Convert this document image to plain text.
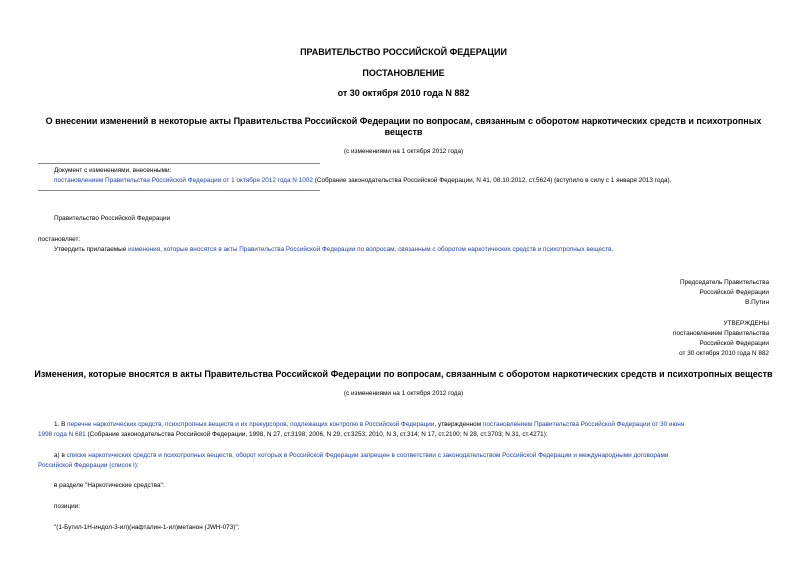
ПРАВИТЕЛЬСТВО РОССИЙСКОЙ ФЕДЕРАЦИИ
ПОСТАНОВЛЕНИЕ
от 30 октября 2010 года N 882
О внесении изменений в некоторые акты Правительства Российской Федерации по вопросам, связанным с оборотом наркотических средств и психотропных
веществ
(с изменениями на 1 октября 2012 года)
Документ с изменениями, внесенными:
постановлением Правительства Российской Федерации от 1 октября 2012 года N 1002 (Собрание законодательства Российской Федерации, N 41, 08.10.2012, ст.5624) (вступило в силу с 1 января 2013 года).
Правительство Российской Федерации
постановляет:
Утвердить прилагаемые изменения, которые вносятся в акты Правительства Российской Федерации по вопросам, связанным с оборотом наркотических средств и психотропных веществ.
Председатель Правительства
Российской Федерации
В.Путин
УТВЕРЖДЕНЫ
постановлением Правительства
Российской Федерации
от 30 октября 2010 года N 882
Изменения, которые вносятся в акты Правительства Российской Федерации по вопросам, связанным с оборотом наркотических средств и психотропных веществ
(с изменениями на 1 октября 2012 года)
1. В перечне наркотических средств, психотропных веществ и их прекурсоров, подлежащих контролю в Российской Федерации, утвержденном постановлением Правительства Российской Федерации от 30 июня
1998 года N 681 (Собрание законодательства Российской Федерации, 1998, N 27, ст.3198; 2006, N 29, ст.3253; 2010, N 3, ст.314; N 17, ст.2100; N 28, ст.3703; N 31, ст.4271):
а) в списке наркотических средств и психотропных веществ, оборот которых в Российской Федерации запрещен в соответствии с законодательством Российской Федерации и международными договорами
Российской Федерации (список I):
в разделе "Наркотические средства":
позиции:
"(1-Бутил-1Н-индол-3-ил)(нафталин-1-ил)метанон (JWH-073)";
